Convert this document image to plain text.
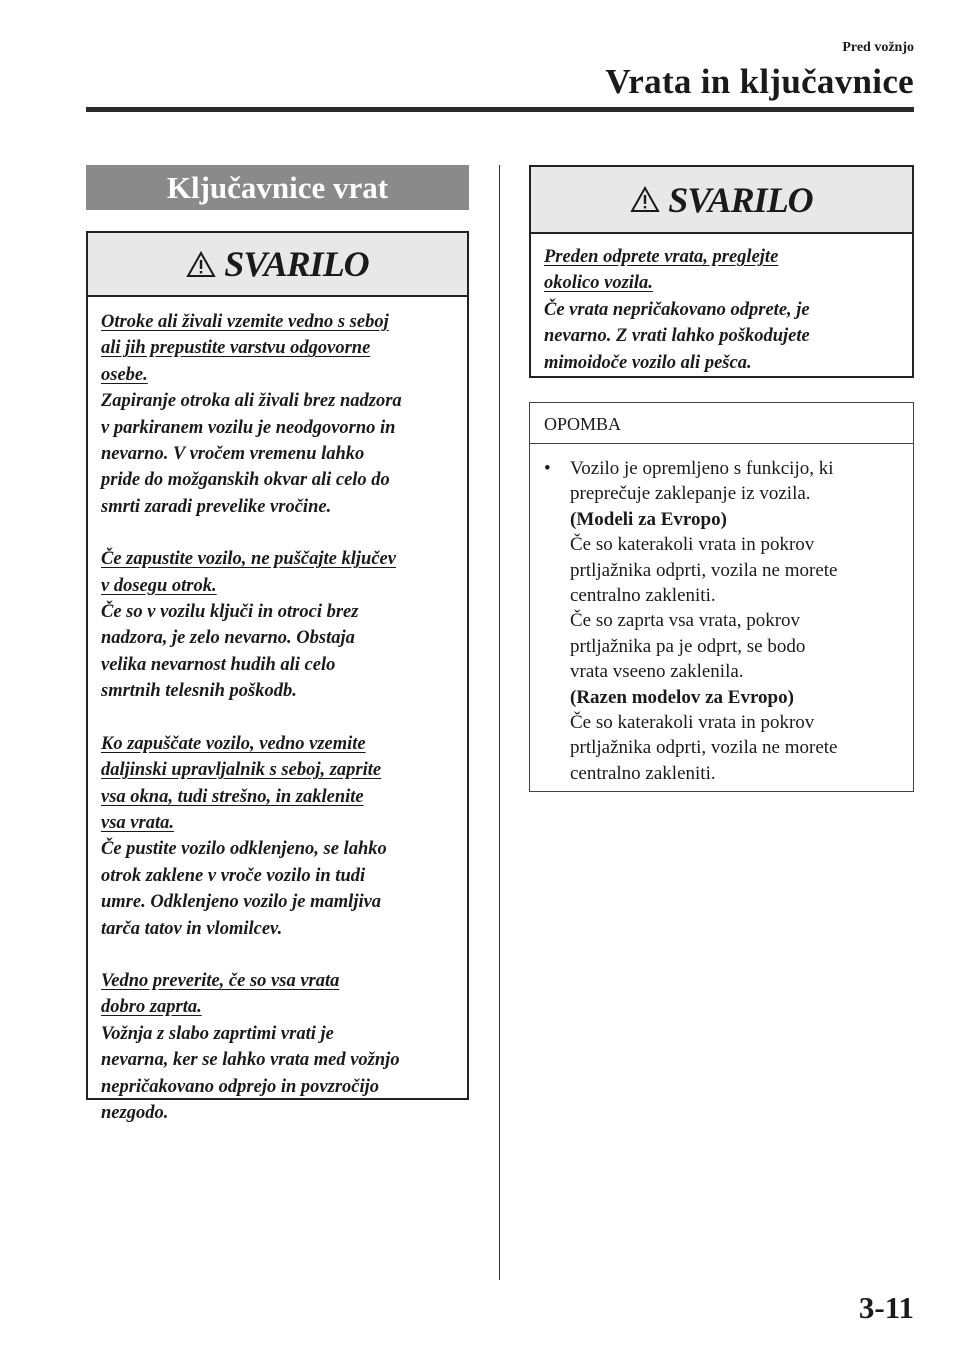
Pred vožnjo
Vrata in ključavnice
Ključavnice vrat
SVARILO
Otroke ali živali vzemite vedno s seboj
ali jih prepustite varstvu odgovorne
osebe.
Zapiranje otroka ali živali brez nadzora
v parkiranem vozilu je neodgovorno in
nevarno. V vročem vremenu lahko
pride do možganskih okvar ali celo do
smrti zaradi prevelike vročine.
Če zapustite vozilo, ne puščajte ključev
v dosegu otrok.
Če so v vozilu ključi in otroci brez
nadzora, je zelo nevarno. Obstaja
velika nevarnost hudih ali celo
smrtnih telesnih poškodb.
Ko zapuščate vozilo, vedno vzemite
daljinski upravljalnik s seboj, zaprite
vsa okna, tudi strešno, in zaklenite
vsa vrata.
Če pustite vozilo odklenjeno, se lahko
otrok zaklene v vroče vozilo in tudi
umre. Odklenjeno vozilo je mamljiva
tarča tatov in vlomilcev.
Vedno preverite, če so vsa vrata
dobro zaprta.
Vožnja z slabo zaprtimi vrati je
nevarna, ker se lahko vrata med vožnjo
nepričakovano odprejo in povzročijo
nezgodo.
SVARILO
Preden odprete vrata, preglejte
okolico vozila.
Če vrata nepričakovano odprete, je
nevarno. Z vrati lahko poškodujete
mimoidoče vozilo ali pešca.
OPOMBA
• Vozilo je opremljeno s funkcijo, ki
preprečuje zaklepanje iz vozila.
(Modeli za Evropo)
Če so katerakoli vrata in pokrov
prtljažnika odprti, vozila ne morete
centralno zakleniti.
Če so zaprta vsa vrata, pokrov
prtljažnika pa je odprt, se bodo
vrata vseeno zaklenila.
(Razen modelov za Evropo)
Če so katerakoli vrata in pokrov
prtljažnika odprti, vozila ne morete
centralno zakleniti.
3-11
